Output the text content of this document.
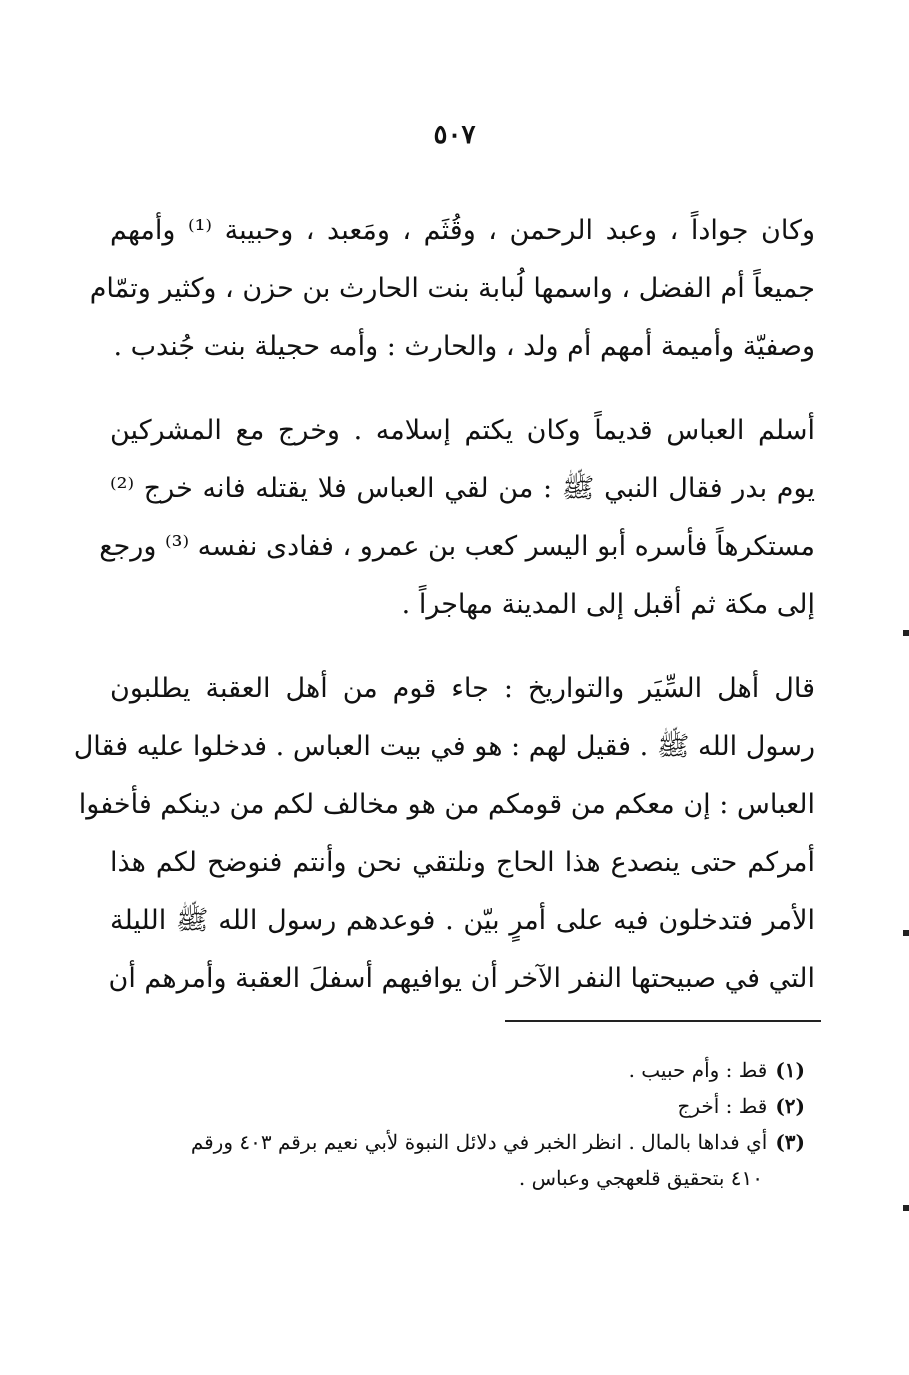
٥٠٧

وكان جواداً ، وعبد الرحمن ، وقُثَم ، ومَعبد ، وحبيبة ⁽¹⁾ وأمهم
جميعاً أم الفضل ، واسمها لُبابة بنت الحارث بن حزن ، وكثير وتمّام
وصفيّة وأميمة أمهم أم ولد ، والحارث : وأمه حجيلة بنت جُندب .

أسلم العباس قديماً وكان يكتم إسلامه . وخرج مع المشركين
يوم بدر فقال النبي ﷺ : من لقي العباس فلا يقتله فانه خرج ⁽²⁾
مستكرهاً فأسره أبو اليسر كعب بن عمرو ، ففادى نفسه ⁽³⁾ ورجع
إلى مكة ثم أقبل إلى المدينة مهاجراً .

قال أهل السِّيَر والتواريخ : جاء قوم من أهل العقبة يطلبون
رسول الله ﷺ . فقيل لهم : هو في بيت العباس . فدخلوا عليه فقال
العباس : إن معكم من قومكم من هو مخالف لكم من دينكم فأخفوا
أمركم حتى ينصدع هذا الحاج ونلتقي نحن وأنتم فنوضح لكم هذا
الأمر فتدخلون فيه على أمرٍ بيّن . فوعدهم رسول الله ﷺ الليلة
التي في صبيحتها النفر الآخر أن يوافيهم أسفلَ العقبة وأمرهم أن

(١)قط : وأم حبيب .
(٢)قط : أخرج
(٣)أي فداها بالمال . انظر الخبر في دلائل النبوة لأبي نعيم برقم ٤٠٣ ورقم
٤١٠ بتحقيق قلعهجي وعباس .
